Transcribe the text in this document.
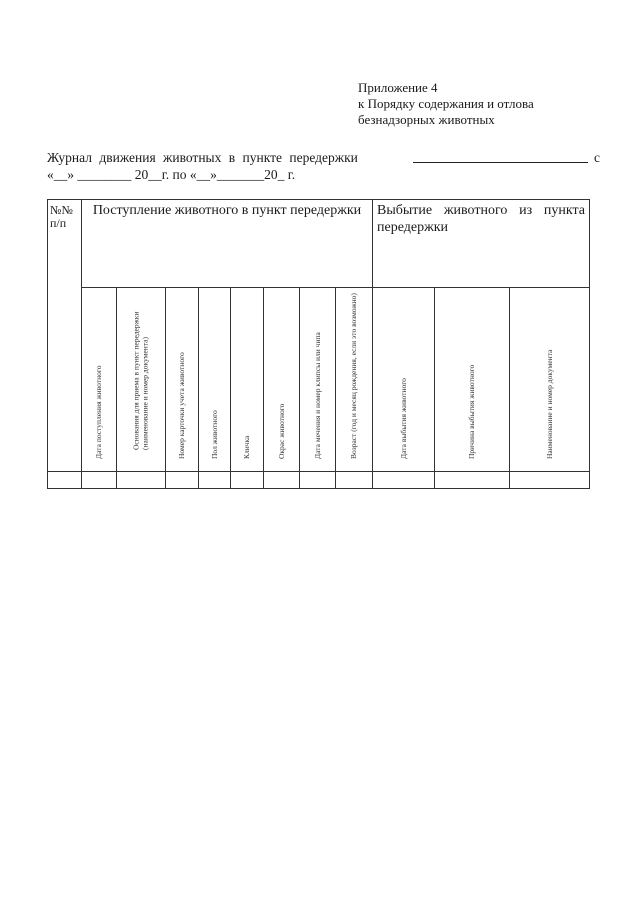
Приложение 4
к Порядку содержания и отлова
безнадзорных животных
Журнал движения животных в пункте передержки	с
«__» ________ 20__г. по «__»_______20_ г.
№№ п/п	Поступление животного в пункт передержки								Выбытие животного из пункта передержки		

	Дата поступления животного	Основания для приема в пункт передержки (наименование и номер документа)	Номер карточки учета животного	Пол животного	Кличка	Окрас животного	Дата мечения и номер клипсы или чипа	Возраст (год и месяц рождения, если это возможно)	Дата выбытия животного	Причина выбытия животного	Наименование и номер документа
